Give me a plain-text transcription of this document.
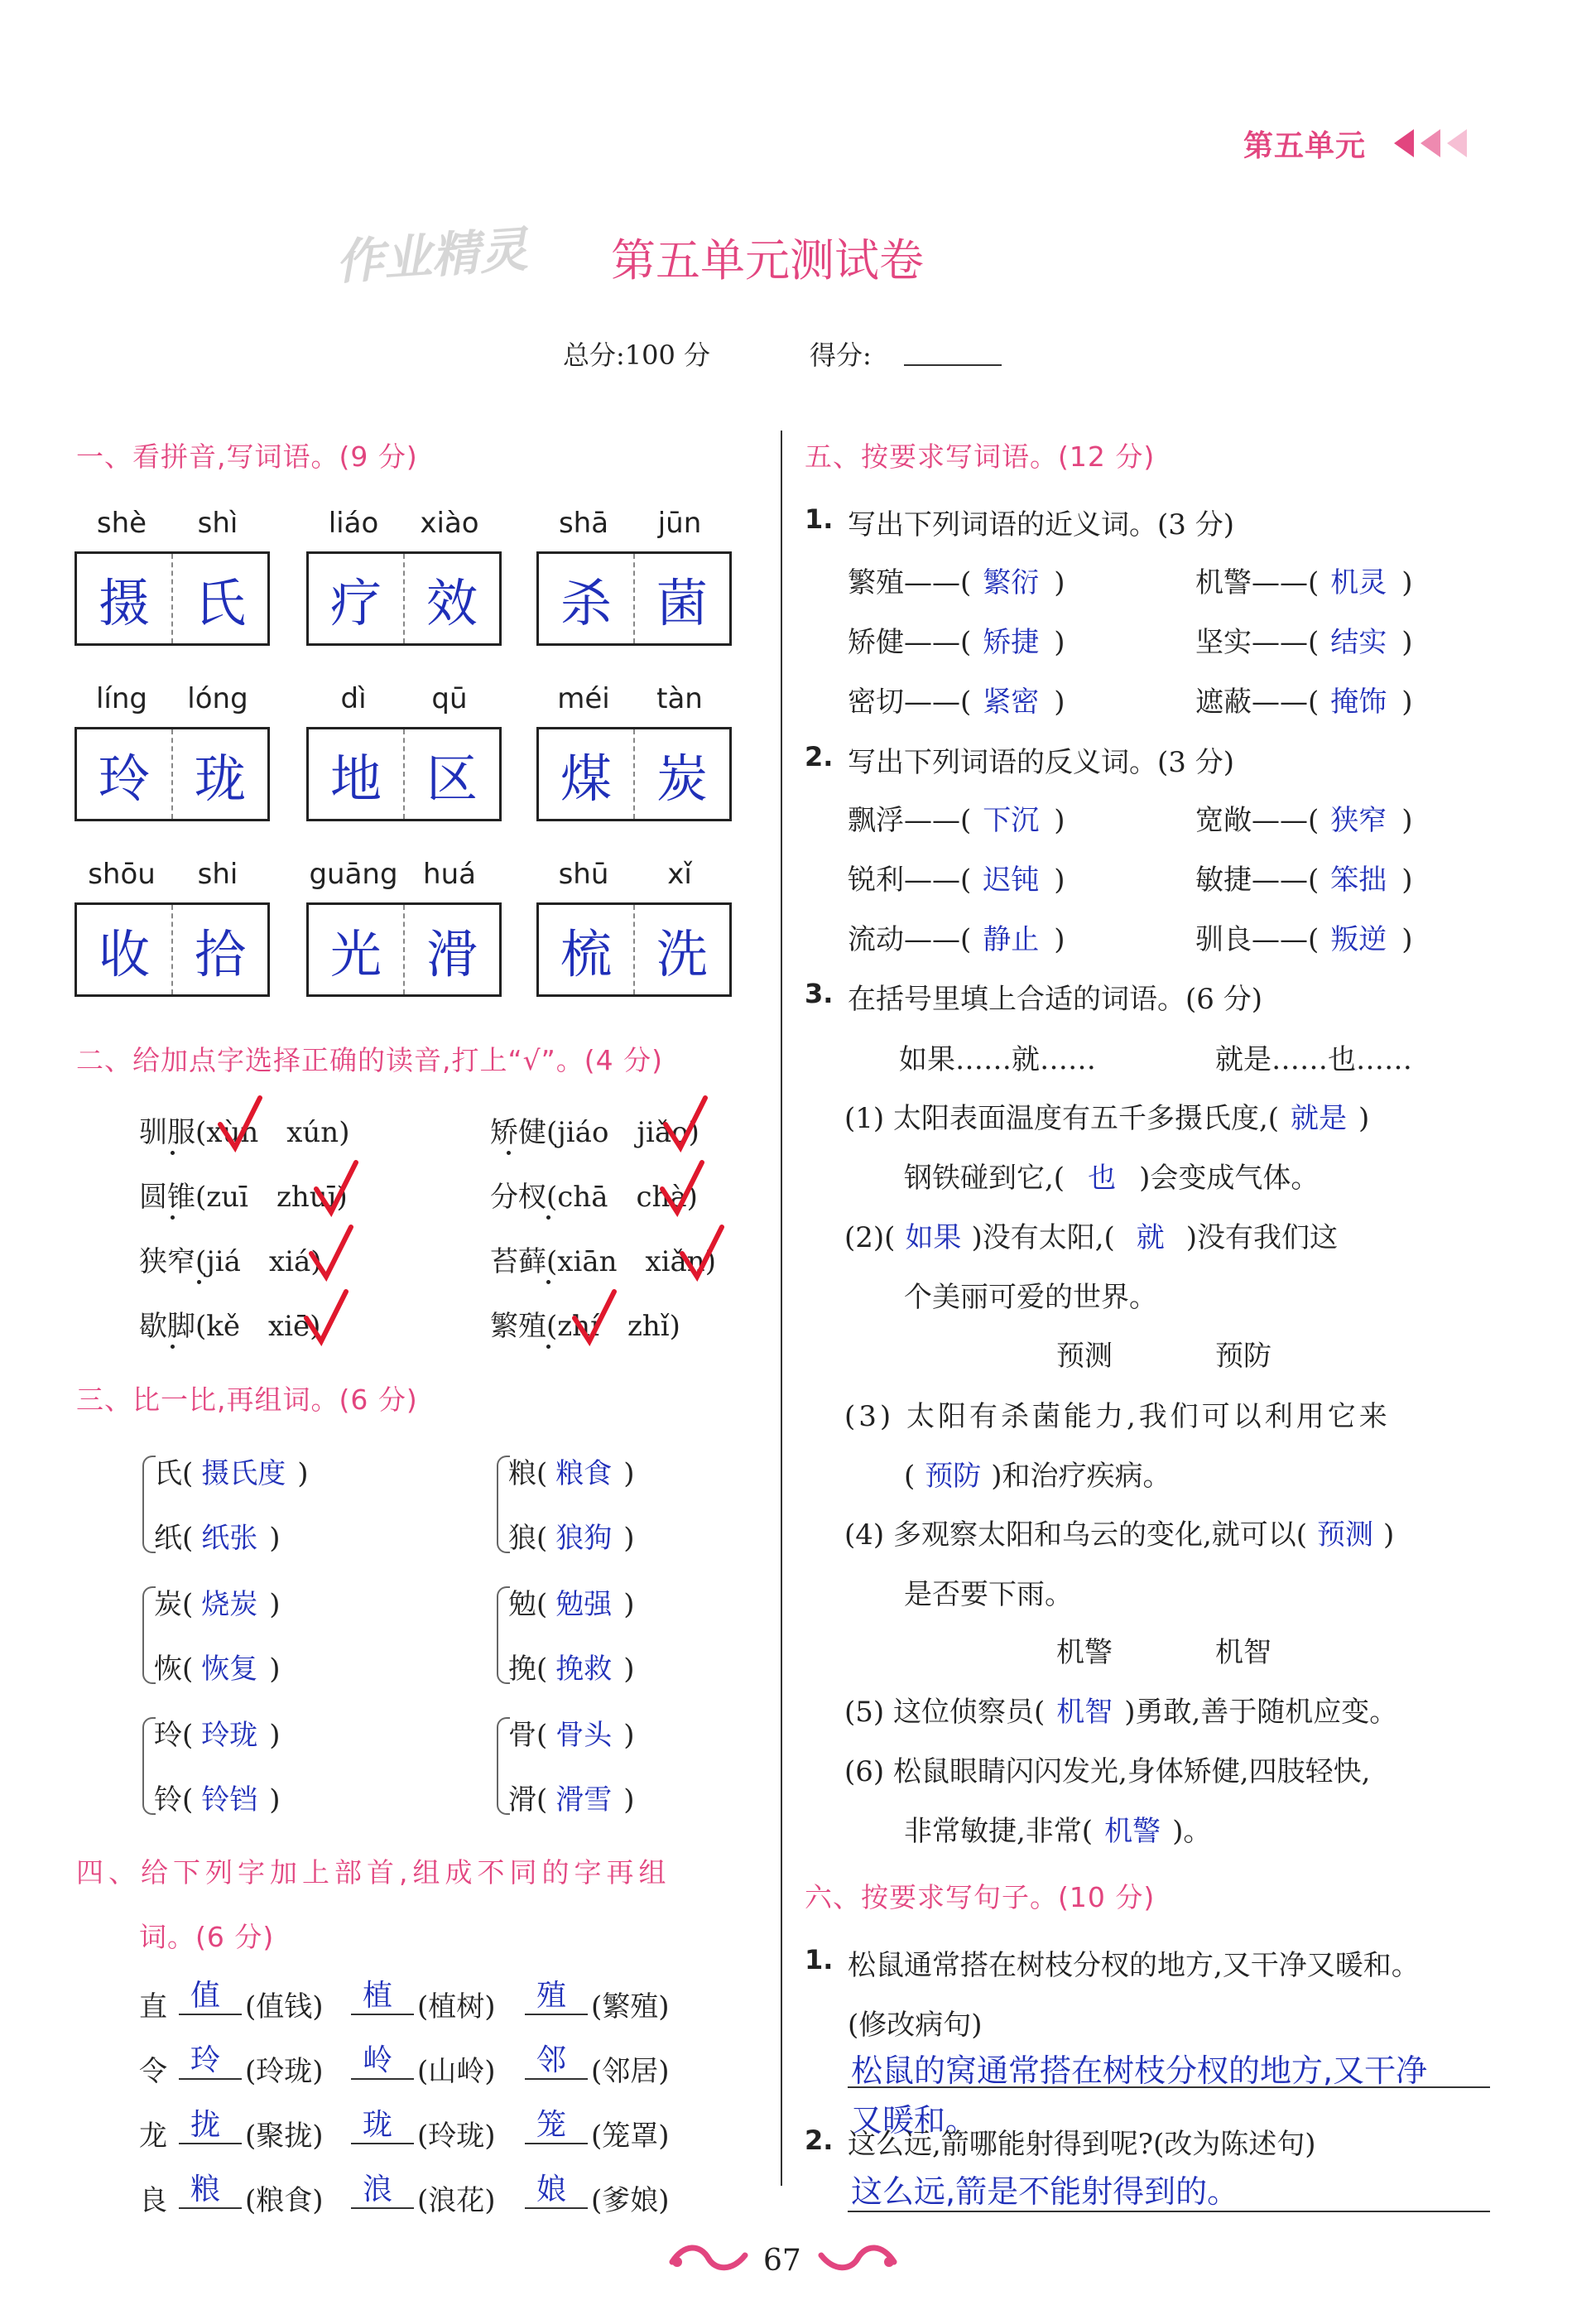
第五单元
作业精灵 第五单元测试卷
总分:100 分	得分:
一、看拼音,写词语。(9 分)
shè	shì
摄 氏
liáo	xiào
疗 效
shā	jūn
杀 菌
líng	lóng
玲 珑
dì	qū
地 区
méi	tàn
煤 炭
shōu	shi
收 拾
guāng huá
光 滑
shū	xǐ
梳 洗
二、给加点字选择正确的读音,打上“√”。(4 分)
驯服(xùn　xún)
圆锥(zuī　zhuī)
狭窄(jiá　xiá)
歇脚(kě　xiē)
矫健(jiáo　jiǎo)
分杈(chā　chà)
苔藓(xiān　xiǎn)
繁殖(zhí　zhǐ)
三、比一比,再组词。(6 分)
氏( 摄氏度 )
纸( 纸张 )
炭( 烧炭 )
恢( 恢复 )
玲( 玲珑 )
铃( 铃铛 )
粮( 粮食 )
狼( 狼狗 )
勉( 勉强 )
挽( 挽救 )
骨( 骨头 )
滑( 滑雪 )
四、给下列字加上部首,组成不同的字再组
词。(6 分)
直 值 (值钱) 植 (植树) 殖 (繁殖)
令 玲 (玲珑) 岭 (山岭) 邻 (邻居)
龙 拢 (聚拢) 珑 (玲珑) 笼 (笼罩)
良 粮 (粮食) 浪 (浪花) 娘 (爹娘)
五、按要求写词语。(12 分)
1. 写出下列词语的近义词。(3 分)
繁殖——( 繁衍 )	机警——( 机灵 )
矫健——( 矫捷 )	坚实——( 结实 )
密切——( 紧密 )	遮蔽——( 掩饰 )
2. 写出下列词语的反义词。(3 分)
飘浮——( 下沉 )	宽敞——( 狭窄 )
锐利——( 迟钝 )	敏捷——( 笨拙 )
流动——( 静止 )	驯良——( 叛逆 )
3. 在括号里填上合适的词语。(6 分)
如果……就……	就是……也……
(1) 太阳表面温度有五千多摄氏度,( 就是 )
钢铁碰到它,( 也 )会变成气体。
(2)( 如果 )没有太阳,( 就 )没有我们这
个美丽可爱的世界。
预测	预防
(3) 太阳有杀菌能力,我们可以利用它来
( 预防 )和治疗疾病。
(4) 多观察太阳和乌云的变化,就可以( 预测 )
是否要下雨。
机警	机智
(5) 这位侦察员( 机智 )勇敢,善于随机应变。
(6) 松鼠眼睛闪闪发光,身体矫健,四肢轻快,
非常敏捷,非常( 机警 )。
六、按要求写句子。(10 分)
1. 松鼠通常搭在树枝分杈的地方,又干净又暖和。
(修改病句)
松鼠的窝通常搭在树枝分杈的地方,又干净
又暖和。
2. 这么远,箭哪能射得到呢?(改为陈述句)
这么远,箭是不能射得到的。
67
